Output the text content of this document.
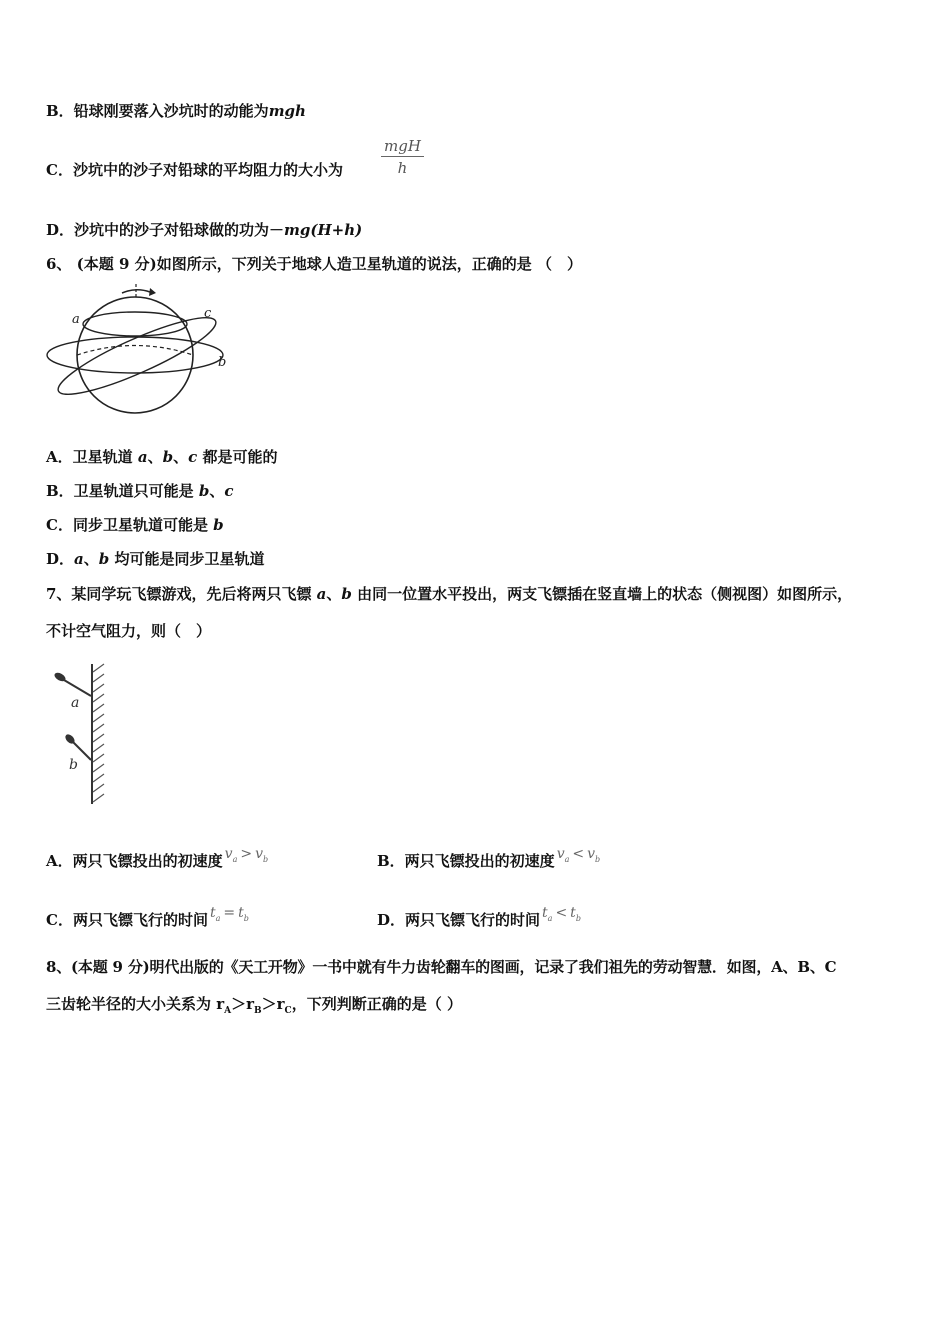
B．铅球刚要落入沙坑时的动能为mgh
C．沙坑中的沙子对铅球的平均阻力的大小为
mgH
h
D．沙坑中的沙子对铅球做的功为－mg(H+h)
6、 (本题 9 分)如图所示，下列关于地球人造卫星轨道的说法，正确的是 （　）
a	c
b
A．卫星轨道 a、b、c 都是可能的
B．卫星轨道只可能是 b、c
C．同步卫星轨道可能是 b
D．a、b 均可能是同步卫星轨道
7、某同学玩飞镖游戏，先后将两只飞镖 a、b 由同一位置水平投出，两支飞镖插在竖直墙上的状态（侧视图）如图所示，
不计空气阻力，则（　）
a
b
A．两只飞镖投出的初速度 $v_a > v_b$	B．两只飞镖投出的初速度 $v_a < v_b$
C．两只飞镖飞行的时间 $t_a = t_b$	D．两只飞镖飞行的时间 $t_a < t_b$
8、(本题 9 分)明代出版的《天工开物》一书中就有牛力齿轮翻车的图画，记录了我们祖先的劳动智慧．如图，A、B、C
三齿轮半径的大小关系为 $r_A>r_B>r_C$，下列判断正确的是（ ）
